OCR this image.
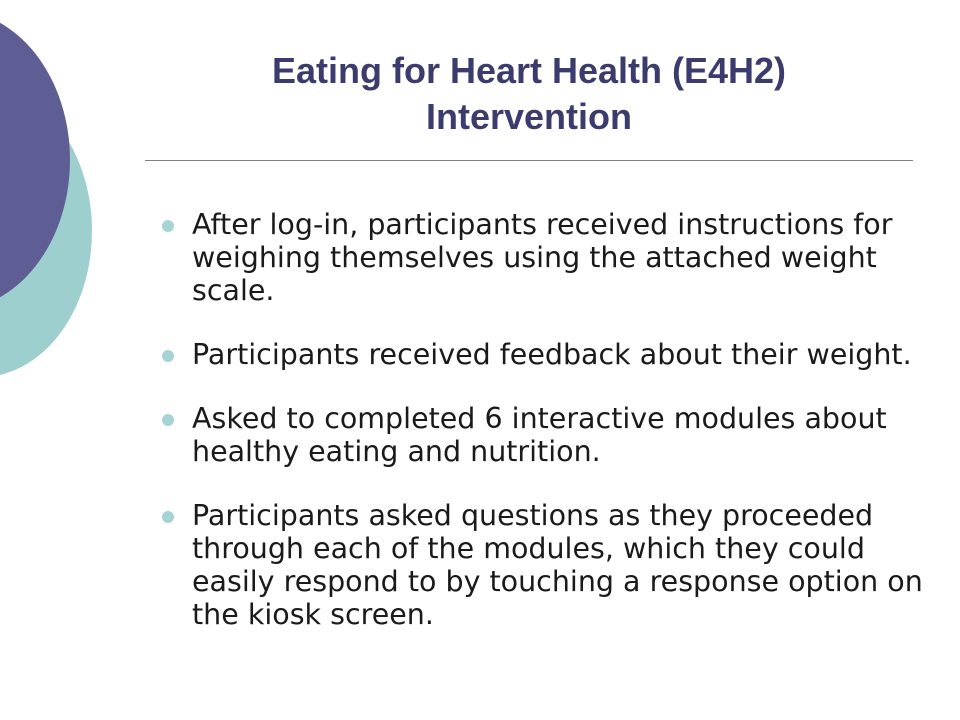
Eating for Heart Health (E4H2)
Intervention
After log-in, participants received instructions for weighing themselves using the attached weight scale.
Participants received feedback about their weight.
Asked to completed 6 interactive modules about healthy eating and nutrition.
Participants asked questions as they proceeded through each of the modules, which they could easily respond to by touching a response option on the kiosk screen.
